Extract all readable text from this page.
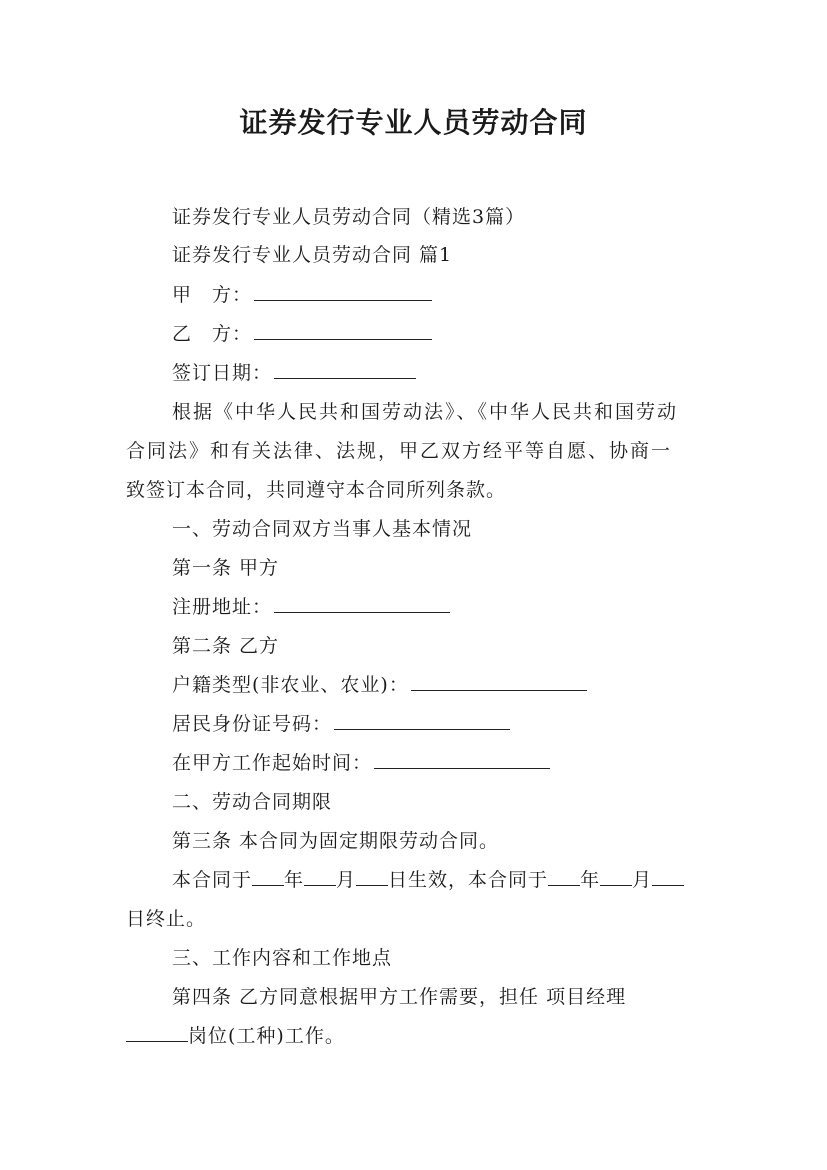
证券发行专业人员劳动合同
证券发行专业人员劳动合同（精选3篇）
证券发行专业人员劳动合同 篇1
甲　方：
乙　方：
签订日期：
根据《中华人民共和国劳动法》、《中华人民共和国劳动
合同法》和有关法律、法规，甲乙双方经平等自愿、协商一
致签订本合同，共同遵守本合同所列条款。
一、劳动合同双方当事人基本情况
第一条 甲方
注册地址：
第二条 乙方
户籍类型(非农业、农业)：
居民身份证号码：
在甲方工作起始时间：
二、劳动合同期限
第三条 本合同为固定期限劳动合同。
本合同于 年 月 日生效，本合同于 年 月
日终止。
三、工作内容和工作地点
第四条 乙方同意根据甲方工作需要，担任 项目经理
岗位(工种)工作。
